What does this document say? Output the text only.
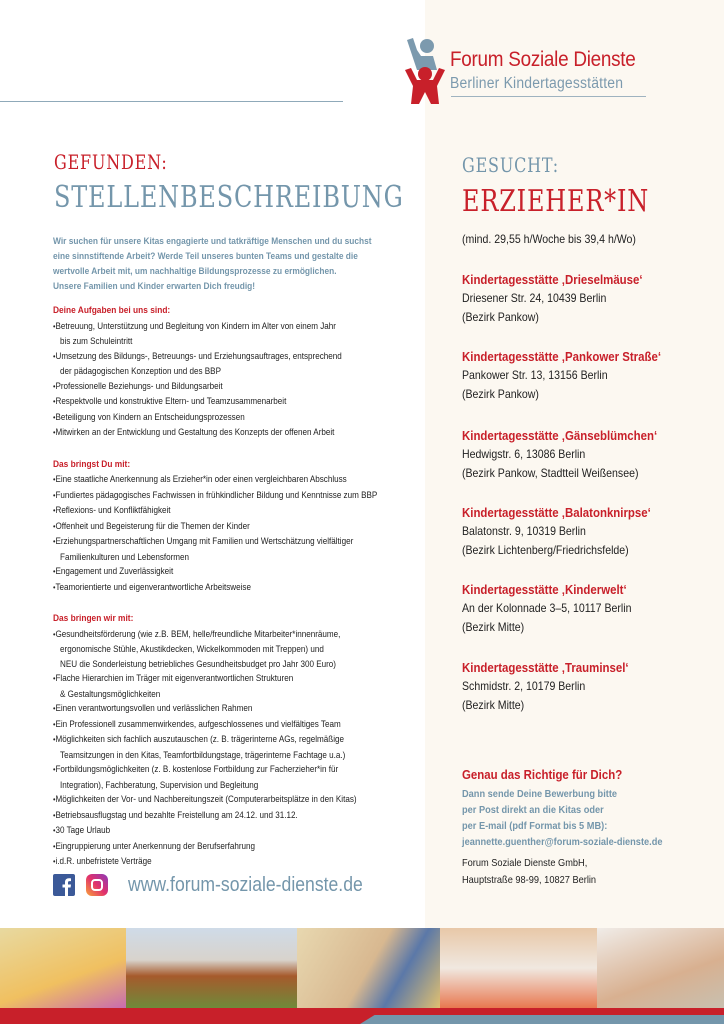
Forum Soziale Dienste
Berliner Kindertagesstätten
GEFUNDEN:
STELLENBESCHREIBUNG
Wir suchen für unsere Kitas engagierte und tatkräftige Menschen und du suchst
eine sinnstiftende Arbeit? Werde Teil unseres bunten Teams und gestalte die
wertvolle Arbeit mit, um nachhaltige Bildungsprozesse zu ermöglichen.
Unsere Familien und Kinder erwarten Dich freudig!
Deine Aufgaben bei uns sind:
• Betreuung, Unterstützung und Begleitung von Kindern im Alter von einem Jahr
bis zum Schuleintritt
• Umsetzung des Bildungs-, Betreuungs- und Erziehungsauftrages, entsprechend
der pädagogischen Konzeption und des BBP
• Professionelle Beziehungs- und Bildungsarbeit
• Respektvolle und konstruktive Eltern- und Teamzusammenarbeit
• Beteiligung von Kindern an Entscheidungsprozessen
• Mitwirken an der Entwicklung und Gestaltung des Konzepts der offenen Arbeit
Das bringst Du mit:
• Eine staatliche Anerkennung als Erzieher*in oder einen vergleichbaren Abschluss
• Fundiertes pädagogisches Fachwissen in frühkindlicher Bildung und Kenntnisse zum BBP
• Reflexions- und Konfliktfähigkeit
• Offenheit und Begeisterung für die Themen der Kinder
• Erziehungspartnerschaftlichen Umgang mit Familien und Wertschätzung vielfältiger
Familienkulturen und Lebensformen
• Engagement und Zuverlässigkeit
• Teamorientierte und eigenverantwortliche Arbeitsweise
Das bringen wir mit:
• Gesundheitsförderung (wie z.B. BEM, helle/freundliche Mitarbeiter*innenräume,
ergonomische Stühle, Akustikdecken, Wickelkommoden mit Treppen) und
NEU die Sonderleistung betriebliches Gesundheitsbudget pro Jahr 300 Euro)
• Flache Hierarchien im Träger mit eigenverantwortlichen Strukturen
& Gestaltungsmöglichkeiten
• Einen verantwortungsvollen und verlässlichen Rahmen
• Ein Professionell zusammenwirkendes, aufgeschlossenes und vielfältiges Team
• Möglichkeiten sich fachlich auszutauschen (z. B. trägerinterne AGs, regelmäßige
Teamsitzungen in den Kitas, Teamfortbildungstage, trägerinterne Fachtage u.a.)
• Fortbildungsmöglichkeiten (z. B. kostenlose Fortbildung zur Facherzieher*in für
Integration), Fachberatung, Supervision und Begleitung
• Möglichkeiten der Vor- und Nachbereitungszeit (Computerarbeitsplätze in den Kitas)
• Betriebsausflugstag und bezahlte Freistellung am 24.12. und 31.12.
• 30 Tage Urlaub
• Eingruppierung unter Anerkennung der Berufserfahrung
• i.d.R. unbefristete Verträge
www.forum-soziale-dienste.de
GESUCHT:
ERZIEHER*IN
(mind. 29,55 h/Woche bis 39,4 h/Wo)
Kindertagesstätte ‚Drieselmäuse‘
Driesener Str. 24, 10439 Berlin
(Bezirk Pankow)
Kindertagesstätte ‚Pankower Straße‘
Pankower Str. 13, 13156 Berlin
(Bezirk Pankow)
Kindertagesstätte ‚Gänseblümchen‘
Hedwigstr. 6, 13086 Berlin
(Bezirk Pankow, Stadtteil Weißensee)
Kindertagesstätte ‚Balatonknirpse‘
Balatonstr. 9, 10319 Berlin
(Bezirk Lichtenberg/Friedrichsfelde)
Kindertagesstätte ‚Kinderwelt‘
An der Kolonnade 3–5, 10117 Berlin
(Bezirk Mitte)
Kindertagesstätte ‚Trauminsel‘
Schmidstr. 2, 10179 Berlin
(Bezirk Mitte)
Genau das Richtige für Dich?
Dann sende Deine Bewerbung bitte
per Post direkt an die Kitas oder
per E-mail (pdf Format bis 5 MB):
jeannette.guenther@forum-soziale-dienste.de
Forum Soziale Dienste GmbH,
Hauptstraße 98-99, 10827 Berlin
